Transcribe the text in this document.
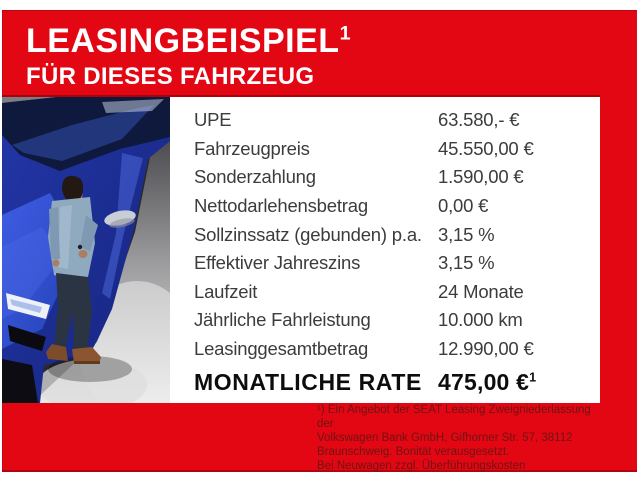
LEASINGBEISPIEL$^1$
FÜR DIESES FAHRZEUG
UPE	63.580,- €
Fahrzeugpreis	45.550,00 €
Sonderzahlung	1.590,00 €
Nettodarlehensbetrag	0,00 €
Sollzinssatz (gebunden) p.a. 3,15 %
Effektiver Jahreszins	3,15 %
Laufzeit	24 Monate
Jährliche Fahrleistung	10.000 km
Leasinggesamtbetrag	12.990,00 €
MONATLICHE RATE 475,00 €$^1$
¹) Ein Angebot der SEAT Leasing Zweigniederlassung der
Volkswagen Bank GmbH, Gifhorner Str. 57, 38112
Braunschweig. Bonität verausgesetzt.
Bei Neuwagen zzgl. Überführungskosten
